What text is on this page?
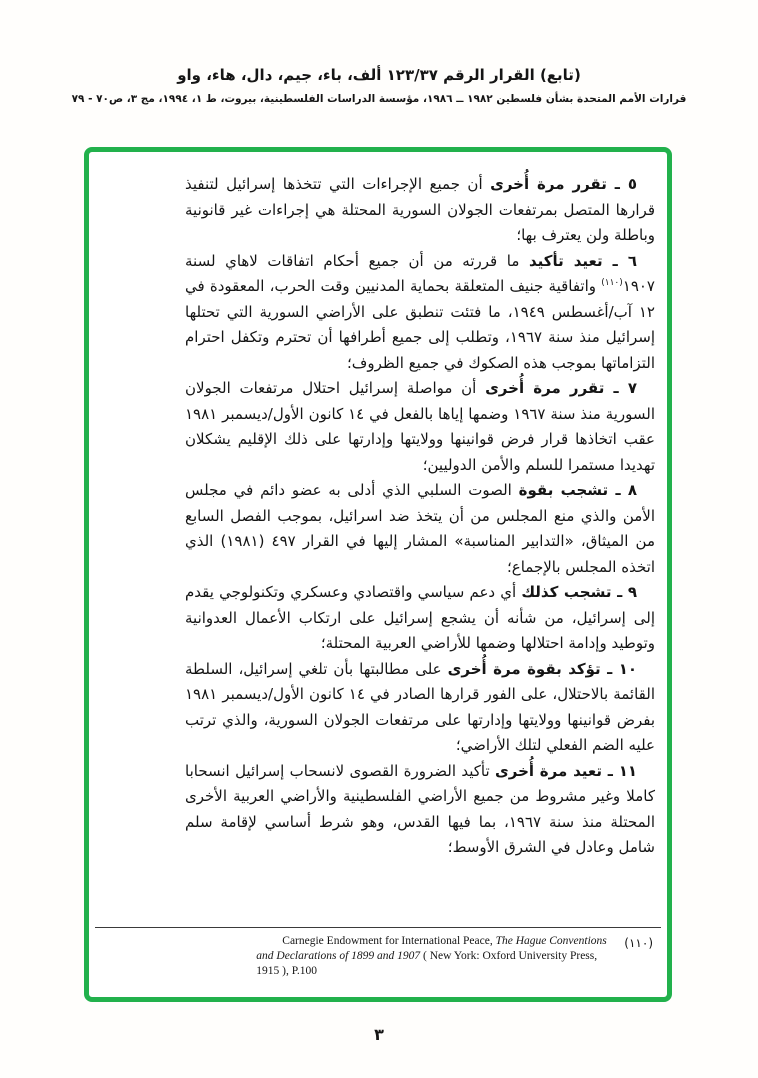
(تابع) القرار الرقم ١٢٣/٣٧ ألف، باء، جيم، دال، هاء، واو
قرارات الأمم المتحدة بشأن فلسطين ١٩٨٢ ــ ١٩٨٦، مؤسسة الدراسات الفلسطينية، بيروت، ط ١، ١٩٩٤، مج ٣، ص٧٠ - ٧٩

٥ ـ تقرر مرة أُخرى أن جميع الإجراءات التي تتخذها إسرائيل لتنفيذ قرارها المتصل بمرتفعات الجولان السورية المحتلة هي إجراءات غير قانونية وباطلة ولن يعترف بها؛

٦ ـ تعيد تأكيد ما قررته من أن جميع أحكام اتفاقات لاهاي لسنة ١٩٠٧$^{(١١٠)}$ واتفاقية جنيف المتعلقة بحماية المدنيين وقت الحرب، المعقودة في ١٢ آب/أغسطس ١٩٤٩، ما فتئت تنطبق على الأراضي السورية التي تحتلها إسرائيل منذ سنة ١٩٦٧، وتطلب إلى جميع أطرافها أن تحترم وتكفل احترام التزاماتها بموجب هذه الصكوك في جميع الظروف؛

٧ ـ تقرر مرة أُخرى أن مواصلة إسرائيل احتلال مرتفعات الجولان السورية منذ سنة ١٩٦٧ وضمها إياها بالفعل في ١٤ كانون الأول/ديسمبر ١٩٨١ عقب اتخاذها قرار فرض قوانينها وولايتها وإدارتها على ذلك الإقليم يشكلان تهديدا مستمرا للسلم والأمن الدوليين؛

٨ ـ تشجب بقوة الصوت السلبي الذي أدلى به عضو دائم في مجلس الأمن والذي منع المجلس من أن يتخذ ضد اسرائيل، بموجب الفصل السابع من الميثاق، «التدابير المناسبة» المشار إليها في القرار ٤٩٧ (١٩٨١) الذي اتخذه المجلس بالإجماع؛

٩ ـ تشجب كذلك أي دعم سياسي واقتصادي وعسكري وتكنولوجي يقدم إلى إسرائيل، من شأنه أن يشجع إسرائيل على ارتكاب الأعمال العدوانية وتوطيد وإدامة احتلالها وضمها للأراضي العربية المحتلة؛

١٠ ـ تؤكد بقوة مرة أُخرى على مطالبتها بأن تلغي إسرائيل، السلطة القائمة بالاحتلال، على الفور قرارها الصادر في ١٤ كانون الأول/ديسمبر ١٩٨١ بفرض قوانينها وولايتها وإدارتها على مرتفعات الجولان السورية، والذي ترتب عليه الضم الفعلي لتلك الأراضي؛

١١ ـ تعيد مرة أُخرى تأكيد الضرورة القصوى لانسحاب إسرائيل انسحابا كاملا وغير مشروط من جميع الأراضي الفلسطينية والأراضي العربية الأخرى المحتلة منذ سنة ١٩٦٧، بما فيها القدس، وهو شرط أساسي لإقامة سلم شامل وعادل في الشرق الأوسط؛

(١١٠)
Carnegie Endowment for International Peace, The Hague Conventions and Declarations of 1899 and 1907 ( New York: Oxford University Press, 1915 ), P.100
٣
